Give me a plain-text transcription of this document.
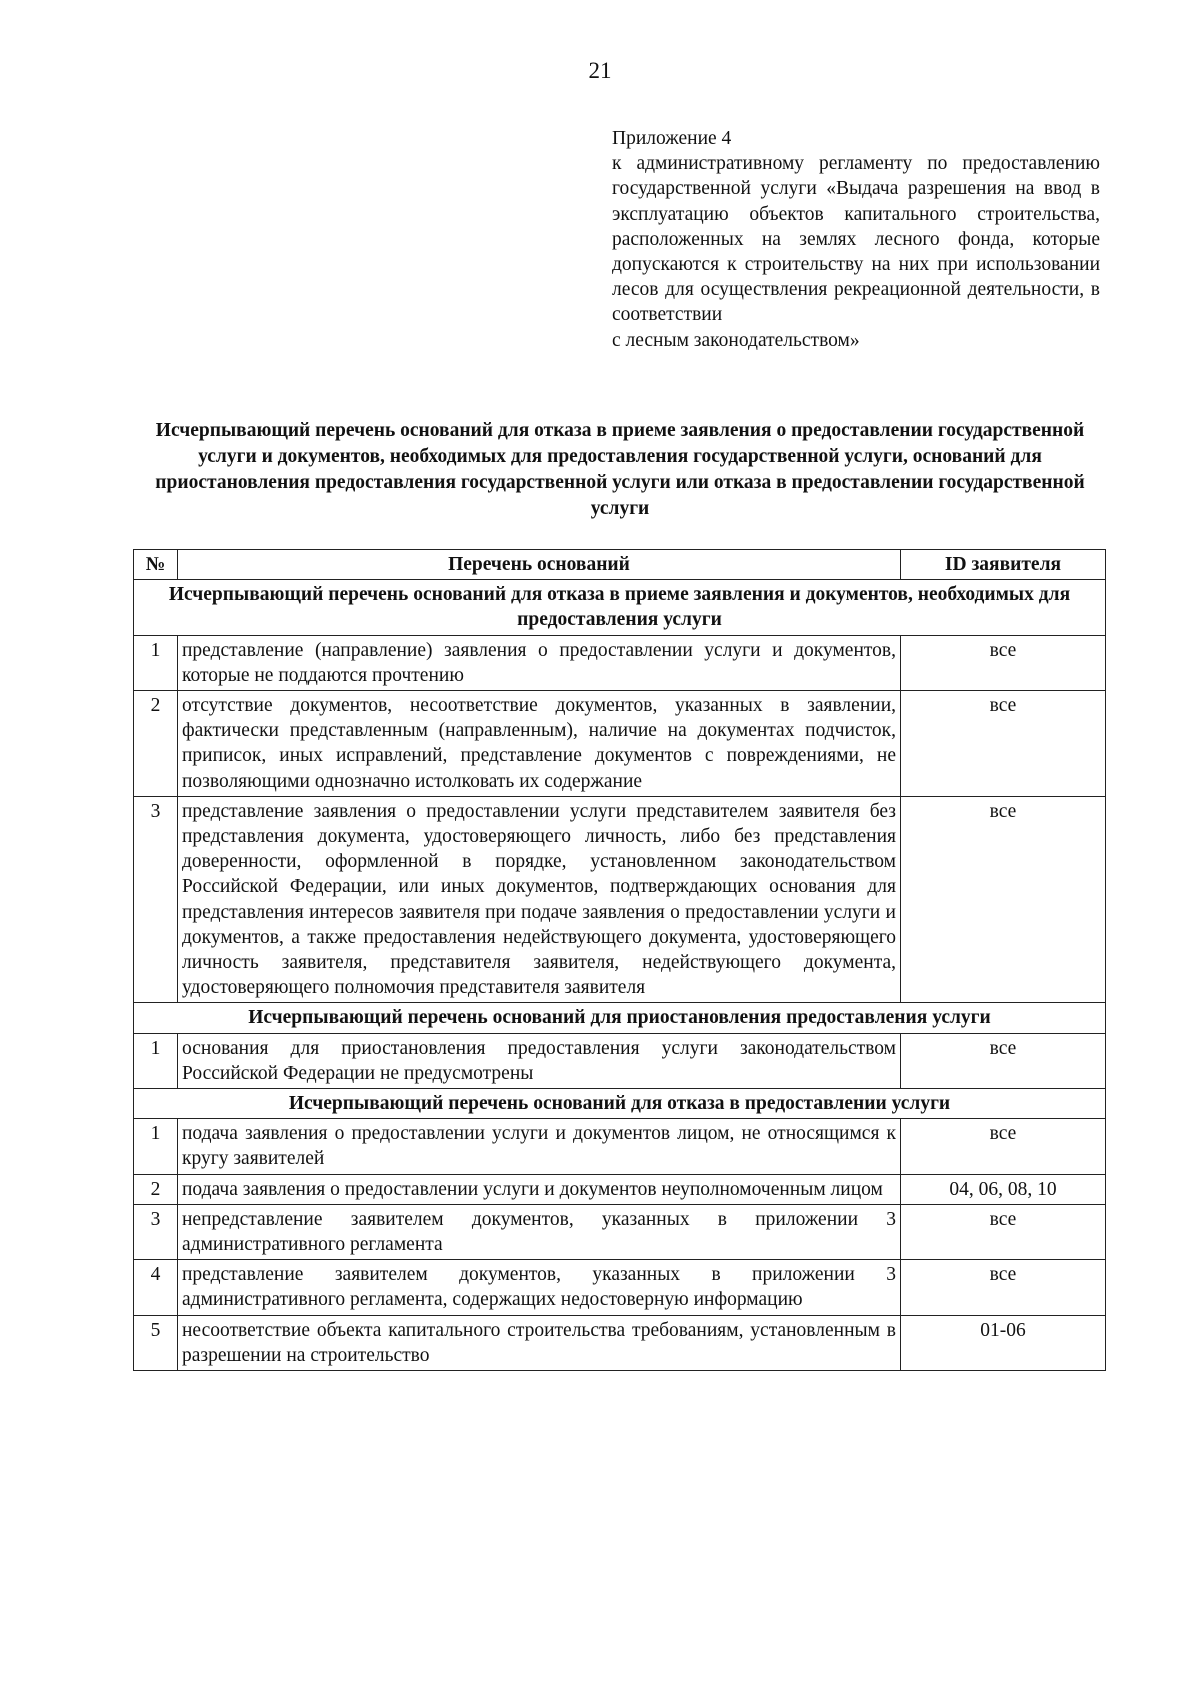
21
Приложение 4
к административному регламенту по предоставлению государственной услуги «Выдача разрешения на ввод в эксплуатацию объектов капитального строительства, расположенных на землях лесного фонда, которые допускаются к строительству на них при использовании лесов для осуществления рекреационной деятельности, в соответствии
с лесным законодательством»
Исчерпывающий перечень оснований для отказа в приеме заявления о предоставлении государственной услуги и документов, необходимых для предоставления государственной услуги, оснований для приостановления предоставления государственной услуги или отказа в предоставлении государственной услуги
№	Перечень оснований	ID заявителя
Исчерпывающий перечень оснований для отказа в приеме заявления и документов, необходимых для предоставления услуги		
1	представление (направление) заявления о предоставлении услуги и документов, которые не поддаются прочтению	все
2	отсутствие документов, несоответствие документов, указанных в заявлении, фактически представленным (направленным), наличие на документах подчисток, приписок, иных исправлений, представление документов с повреждениями, не позволяющими однозначно истолковать их содержание	все
3	представление заявления о предоставлении услуги представителем заявителя без представления документа, удостоверяющего личность, либо без представления доверенности, оформленной в порядке, установленном законодательством Российской Федерации, или иных документов, подтверждающих основания для представления интересов заявителя при подаче заявления о предоставлении услуги и документов, а также предоставления недействующего документа, удостоверяющего личность заявителя, представителя заявителя, недействующего документа, удостоверяющего полномочия представителя заявителя	все
Исчерпывающий перечень оснований для приостановления предоставления услуги		
1	основания для приостановления предоставления услуги законодательством Российской Федерации не предусмотрены	все
Исчерпывающий перечень оснований для отказа в предоставлении услуги		
1	подача заявления о предоставлении услуги и документов лицом, не относящимся к кругу заявителей	все
2	подача заявления о предоставлении услуги и документов неуполномоченным лицом	04, 06, 08, 10
3	непредставление заявителем документов, указанных в приложении 3 административного регламента	все
4	представление заявителем документов, указанных в приложении 3 административного регламента, содержащих недостоверную информацию	все
5	несоответствие объекта капитального строительства требованиям, установленным в разрешении на строительство	01-06
